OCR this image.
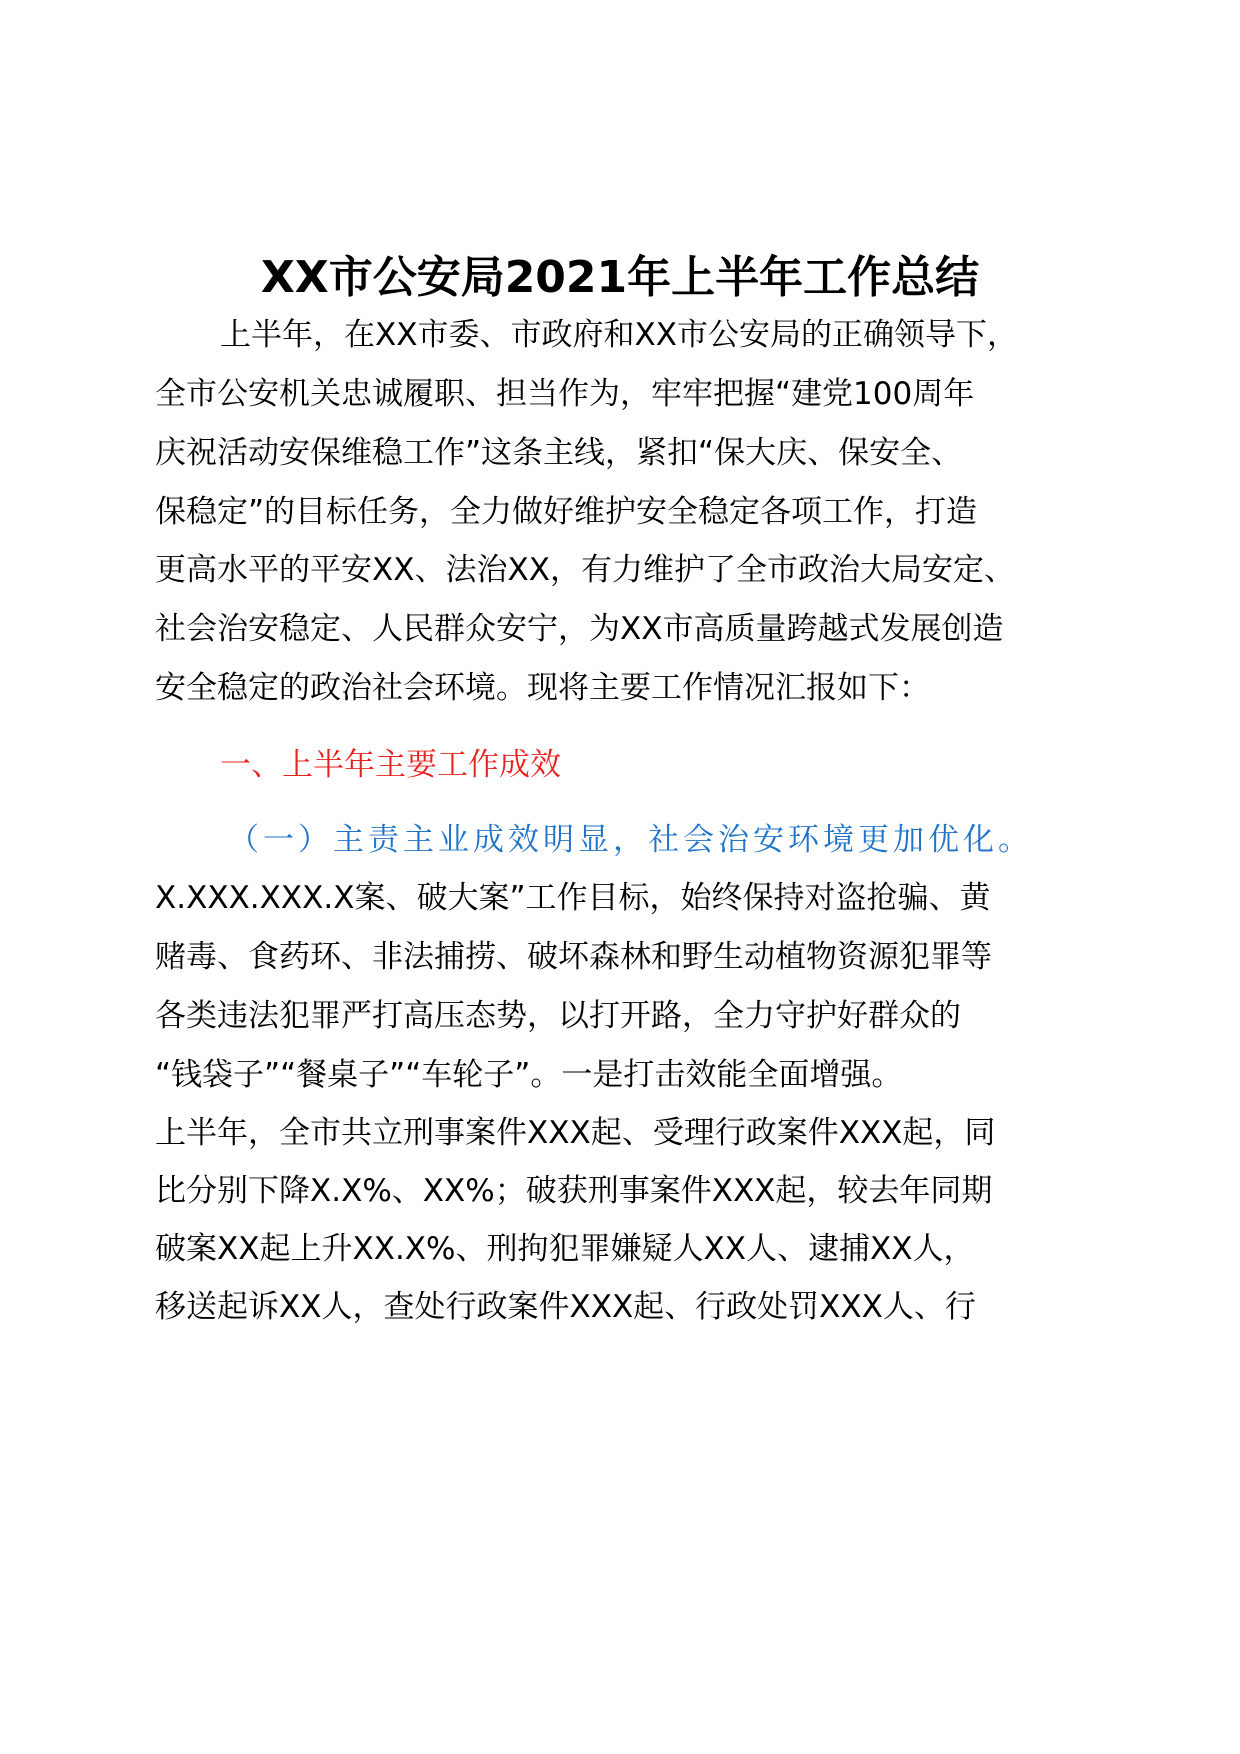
XX市公安局2021年上半年工作总结
上半年，在XX市委、市政府和XX市公安局的正确领导下，
全市公安机关忠诚履职、担当作为，牢牢把握“建党100周年
庆祝活动安保维稳工作”这条主线，紧扣“保大庆、保安全、
保稳定”的目标任务，全力做好维护安全稳定各项工作，打造
更高水平的平安XX、法治XX，有力维护了全市政治大局安定、
社会治安稳定、人民群众安宁，为XX市高质量跨越式发展创造
安全稳定的政治社会环境。现将主要工作情况汇报如下：
一、上半年主要工作成效
（一）主责主业成效明显，社会治安环境更加优化。
X.XXX.XXX.X案、破大案”工作目标，始终保持对盗抢骗、黄
赌毒、食药环、非法捕捞、破坏森林和野生动植物资源犯罪等
各类违法犯罪严打高压态势，以打开路，全力守护好群众的
“钱袋子”“餐桌子”“车轮子”。一是打击效能全面增强。
上半年，全市共立刑事案件XXX起、受理行政案件XXX起，同
比分别下降X.X%、XX%；破获刑事案件XXX起，较去年同期
破案XX起上升XX.X%、刑拘犯罪嫌疑人XX人、逮捕XX人，
移送起诉XX人，查处行政案件XXX起、行政处罚XXX人、行
